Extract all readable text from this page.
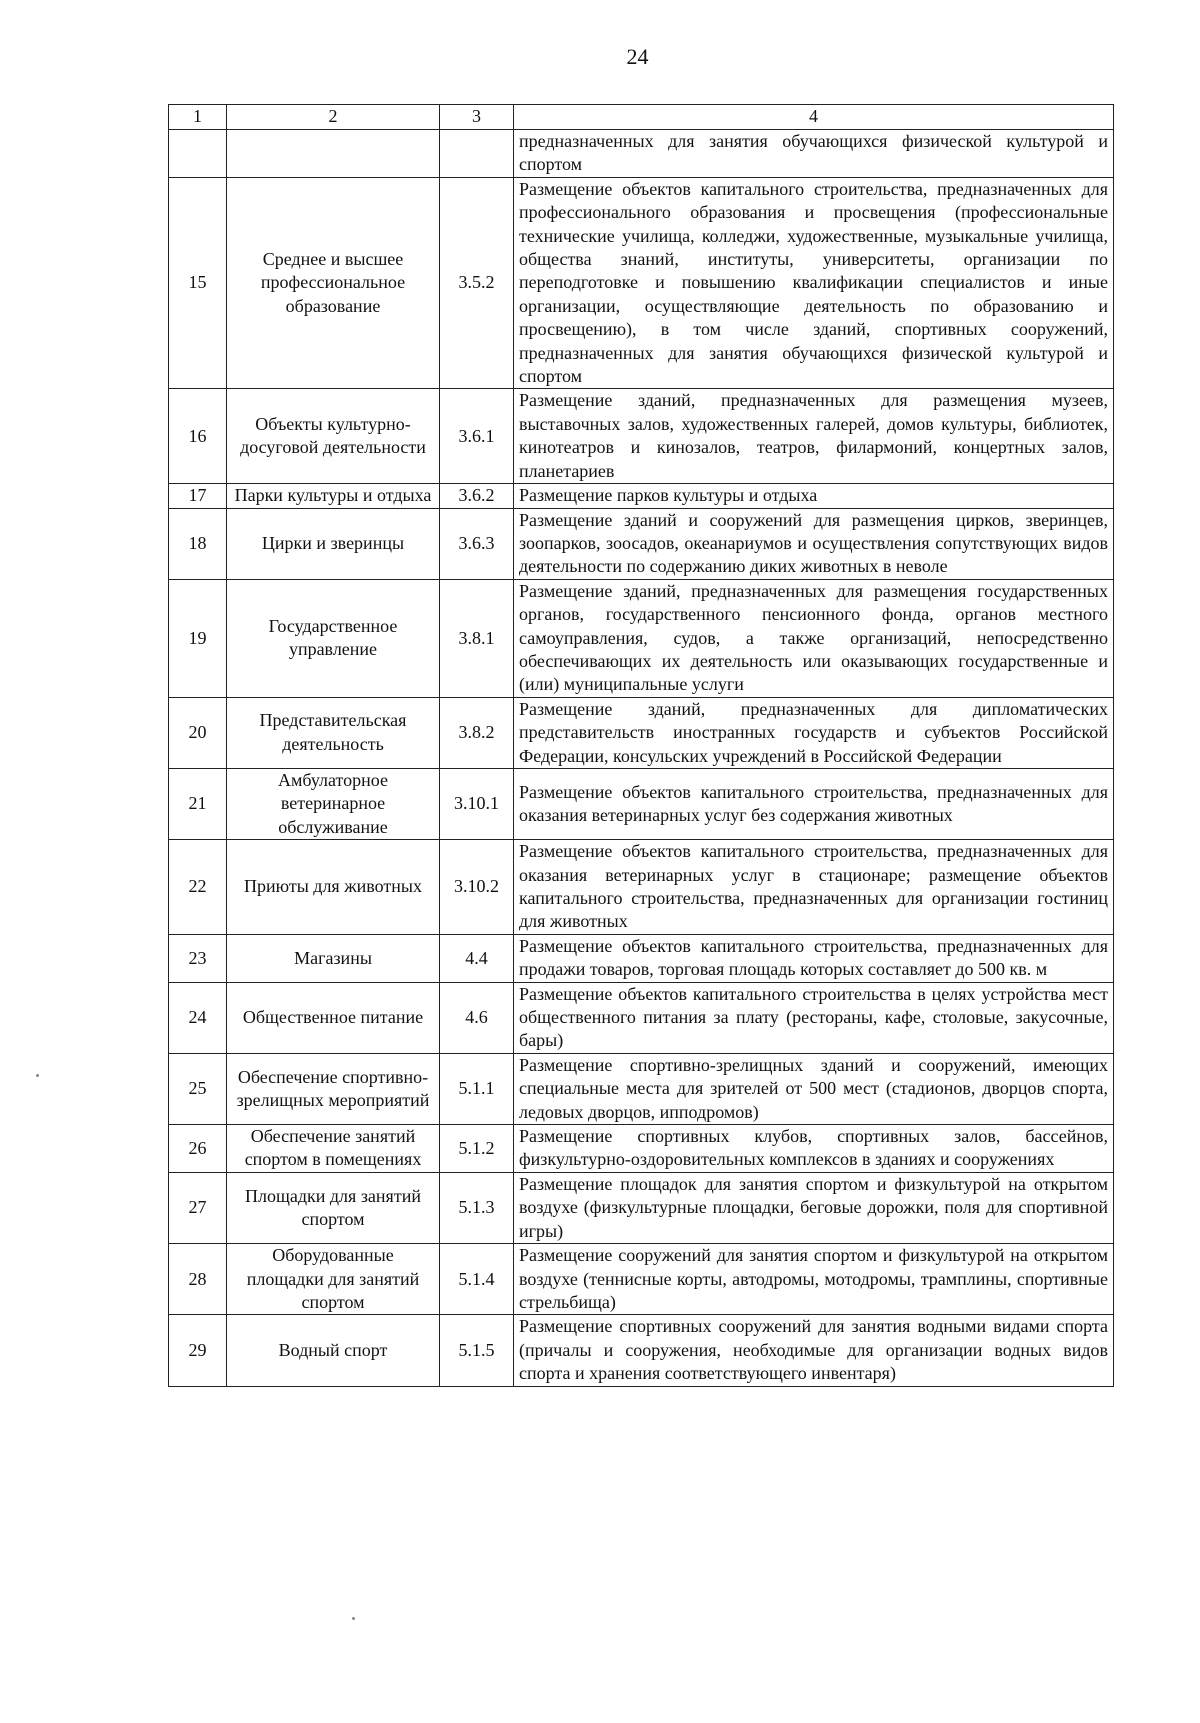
24
1	2	3	4
			предназначенных для занятия обучающихся физической культурой и спортом
15	Среднее и высшее профессиональное образование	3.5.2	Размещение объектов капитального строительства, предназначенных для профессионального образования и просвещения (профессиональные технические училища, колледжи, художественные, музыкальные училища, общества знаний, институты, университеты, организации по переподготовке и повышению квалификации специалистов и иные организации, осуществляющие деятельность по образованию и просвещению), в том числе зданий, спортивных сооружений, предназначенных для занятия обучающихся физической культурой и спортом
16	Объекты культурно-досуговой деятельности	3.6.1	Размещение зданий, предназначенных для размещения музеев, выставочных залов, художественных галерей, домов культуры, библиотек, кинотеатров и кинозалов, театров, филармоний, концертных залов, планетариев
17	Парки культуры и отдыха	3.6.2	Размещение парков культуры и отдыха
18	Цирки и зверинцы	3.6.3	Размещение зданий и сооружений для размещения цирков, зверинцев, зоопарков, зоосадов, океанариумов и осуществления сопутствующих видов деятельности по содержанию диких животных в неволе
19	Государственное управление	3.8.1	Размещение зданий, предназначенных для размещения государственных органов, государственного пенсионного фонда, органов местного самоуправления, судов, а также организаций, непосредственно обеспечивающих их деятельность или оказывающих государственные и (или) муниципальные услуги
20	Представительская деятельность	3.8.2	Размещение зданий, предназначенных для дипломатических представительств иностранных государств и субъектов Российской Федерации, консульских учреждений в Российской Федерации
21	Амбулаторное ветеринарное обслуживание	3.10.1	Размещение объектов капитального строительства, предназначенных для оказания ветеринарных услуг без содержания животных
22	Приюты для животных	3.10.2	Размещение объектов капитального строительства, предназначенных для оказания ветеринарных услуг в стационаре; размещение объектов капитального строительства, предназначенных для организации гостиниц для животных
23	Магазины	4.4	Размещение объектов капитального строительства, предназначенных для продажи товаров, торговая площадь которых составляет до 500 кв. м
24	Общественное питание	4.6	Размещение объектов капитального строительства в целях устройства мест общественного питания за плату (рестораны, кафе, столовые, закусочные, бары)
25	Обеспечение спортивно-зрелищных мероприятий	5.1.1	Размещение спортивно-зрелищных зданий и сооружений, имеющих специальные места для зрителей от 500 мест (стадионов, дворцов спорта, ледовых дворцов, ипподромов)
26	Обеспечение занятий спортом в помещениях	5.1.2	Размещение спортивных клубов, спортивных залов, бассейнов, физкультурно-оздоровительных комплексов в зданиях и сооружениях
27	Площадки для занятий спортом	5.1.3	Размещение площадок для занятия спортом и физкультурой на открытом воздухе (физкультурные площадки, беговые дорожки, поля для спортивной игры)
28	Оборудованные площадки для занятий спортом	5.1.4	Размещение сооружений для занятия спортом и физкультурой на открытом воздухе (теннисные корты, автодромы, мотодромы, трамплины, спортивные стрельбища)
29	Водный спорт	5.1.5	Размещение спортивных сооружений для занятия водными видами спорта (причалы и сооружения, необходимые для организации водных видов спорта и хранения соответствующего инвентаря)
